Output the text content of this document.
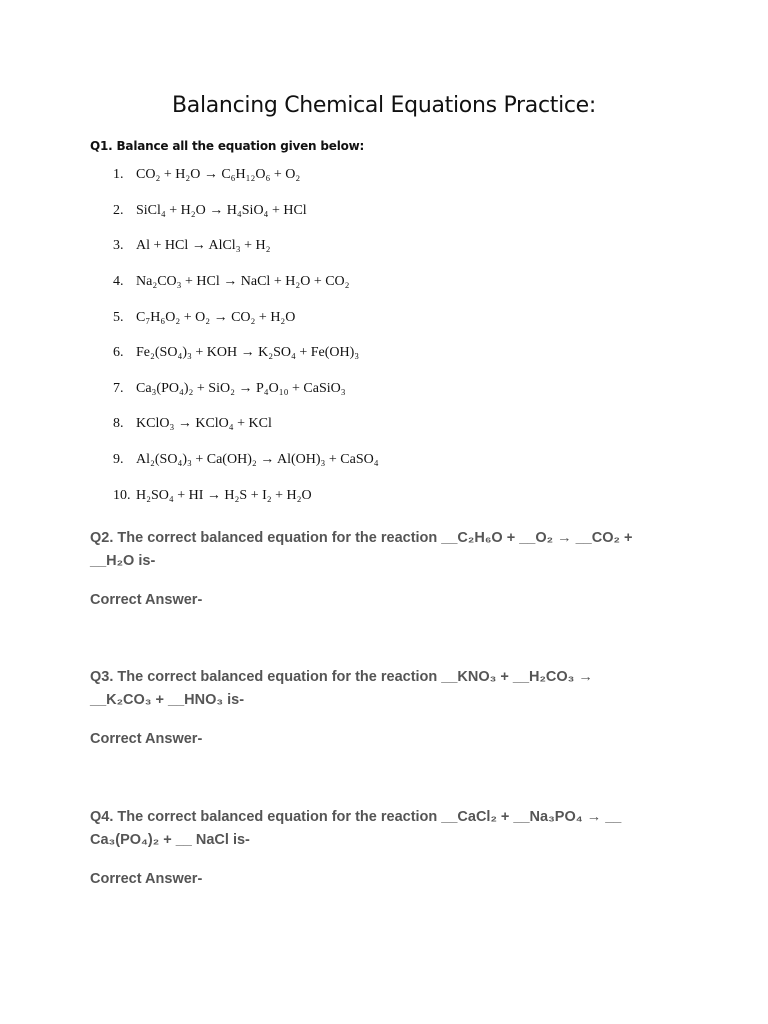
Balancing Chemical Equations Practice:
Q1. Balance all the equation given below:
1. CO₂ + H₂O → C₆H₁₂O₆ + O₂
2. SiCl₄ + H₂O → H₄SiO₄ + HCl
3. Al + HCl → AlCl₃ + H₂
4. Na₂CO₃ + HCl → NaCl + H₂O + CO₂
5. C₇H₆O₂ + O₂ → CO₂ + H₂O
6. Fe₂(SO₄)₃ + KOH → K₂SO₄ + Fe(OH)₃
7. Ca₃(PO₄)₂ + SiO₂ → P₄O₁₀ + CaSiO₃
8. KClO₃ → KClO₄ + KCl
9. Al₂(SO₄)₃ + Ca(OH)₂ → Al(OH)₃ + CaSO₄
10. H₂SO₄ + HI → H₂S + I₂ + H₂O
Q2. The correct balanced equation for the reaction __C₂H₆O + __O₂ → __CO₂ +
__H₂O is-
Correct Answer-
Q3. The correct balanced equation for the reaction __KNO₃ + __H₂CO₃ →
__K₂CO₃ + __HNO₃ is-
Correct Answer-
Q4. The correct balanced equation for the reaction __CaCl₂ + __Na₃PO₄ → __
Ca₃(PO₄)₂ + __ NaCl is-
Correct Answer-
